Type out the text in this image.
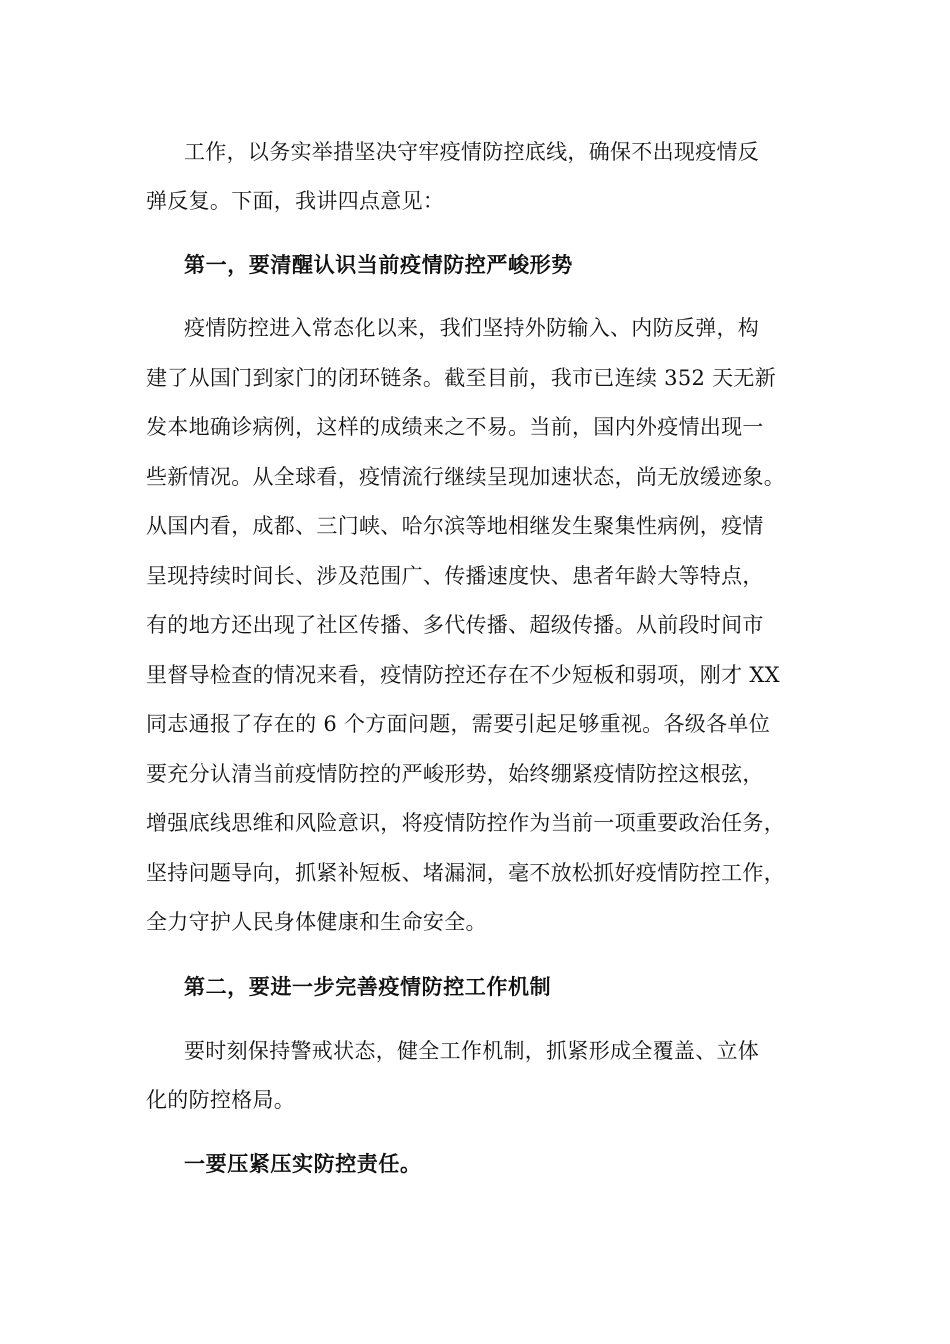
工作，以务实举措坚决守牢疫情防控底线，确保不出现疫情反
弹反复。下面，我讲四点意见：
第一，要清醒认识当前疫情防控严峻形势
疫情防控进入常态化以来，我们坚持外防输入、内防反弹，构
建了从国门到家门的闭环链条。截至目前，我市已连续 352 天无新
发本地确诊病例，这样的成绩来之不易。当前，国内外疫情出现一
些新情况。从全球看，疫情流行继续呈现加速状态，尚无放缓迹象。
从国内看，成都、三门峡、哈尔滨等地相继发生聚集性病例，疫情
呈现持续时间长、涉及范围广、传播速度快、患者年龄大等特点，
有的地方还出现了社区传播、多代传播、超级传播。从前段时间市
里督导检查的情况来看，疫情防控还存在不少短板和弱项，刚才 XX
同志通报了存在的 6 个方面问题，需要引起足够重视。各级各单位
要充分认清当前疫情防控的严峻形势，始终绷紧疫情防控这根弦，
增强底线思维和风险意识，将疫情防控作为当前一项重要政治任务，
坚持问题导向，抓紧补短板、堵漏洞，毫不放松抓好疫情防控工作，
全力守护人民身体健康和生命安全。
第二，要进一步完善疫情防控工作机制
要时刻保持警戒状态，健全工作机制，抓紧形成全覆盖、立体
化的防控格局。
一要压紧压实防控责任。
